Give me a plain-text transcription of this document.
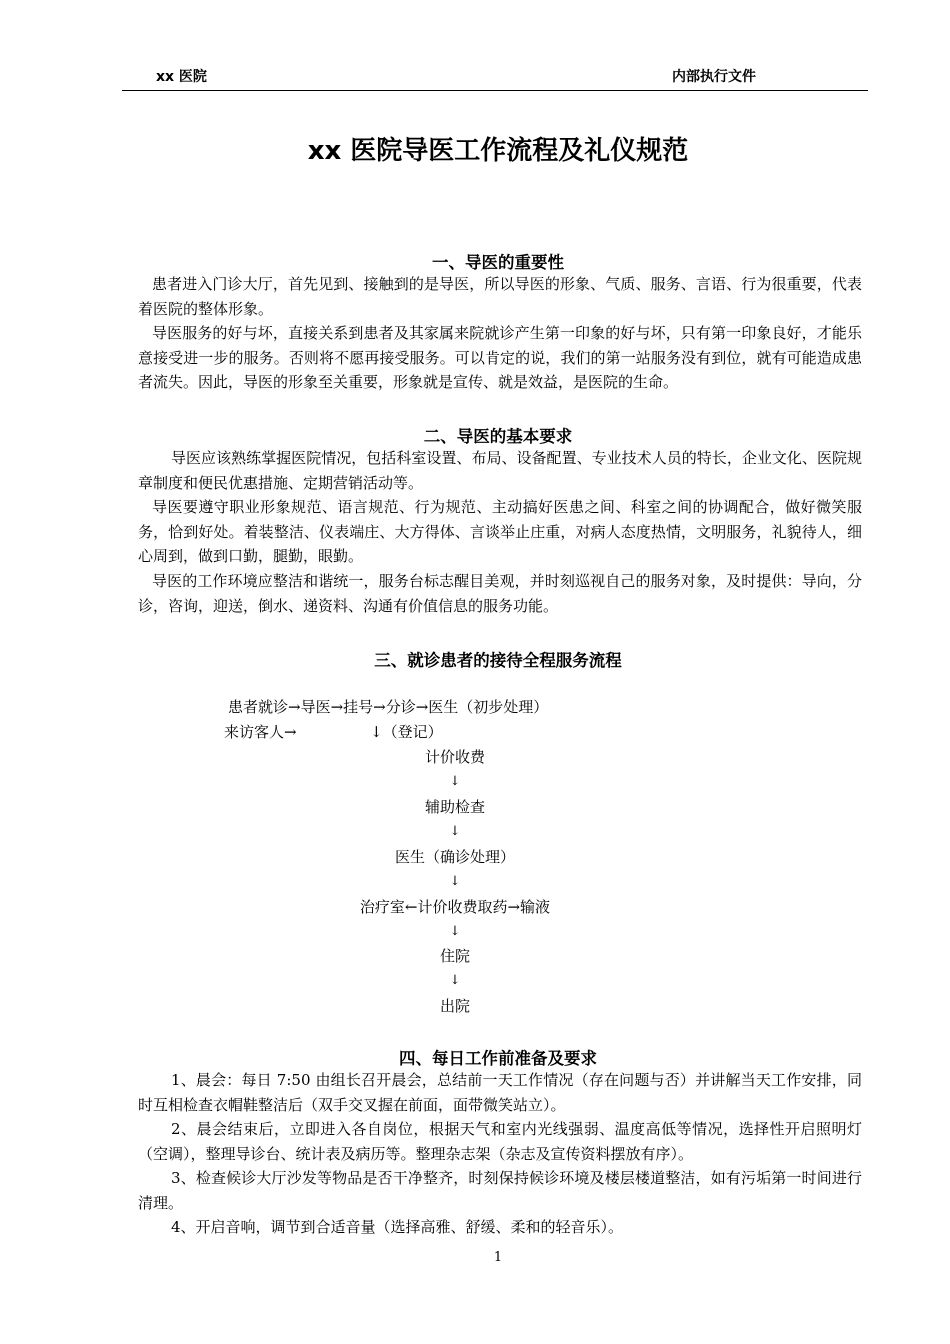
xx 医院	内部执行文件
xx 医院导医工作流程及礼仪规范
一、导医的重要性
患者进入门诊大厅，首先见到、接触到的是导医，所以导医的形象、气质、服务、言语、行为很重要，代表着医院的整体形象。
导医服务的好与坏，直接关系到患者及其家属来院就诊产生第一印象的好与坏，只有第一印象良好，才能乐意接受进一步的服务。否则将不愿再接受服务。可以肯定的说，我们的第一站服务没有到位，就有可能造成患者流失。因此，导医的形象至关重要，形象就是宣传、就是效益，是医院的生命。
二、导医的基本要求
导医应该熟练掌握医院情况，包括科室设置、布局、设备配置、专业技术人员的特长，企业文化、医院规章制度和便民优惠措施、定期营销活动等。
导医要遵守职业形象规范、语言规范、行为规范、主动搞好医患之间、科室之间的协调配合，做好微笑服务，恰到好处。着装整洁、仪表端庄、大方得体、言谈举止庄重，对病人态度热情，文明服务，礼貌待人，细心周到，做到口勤，腿勤，眼勤。
导医的工作环境应整洁和谐统一，服务台标志醒目美观，并时刻巡视自己的服务对象，及时提供：导向，分诊，咨询，迎送，倒水、递资料、沟通有价值信息的服务功能。
三、就诊患者的接待全程服务流程
患者就诊→导医→挂号→分诊→医生（初步处理）
来访客人→	↓（登记）
计价收费
↓
辅助检查
↓
医生（确诊处理）
↓
治疗室←计价收费取药→输液
↓
住院
↓
出院
四、每日工作前准备及要求
1、晨会：每日 7:50 由组长召开晨会，总结前一天工作情况（存在问题与否）并讲解当天工作安排，同时互相检查衣帽鞋整洁后（双手交叉握在前面，面带微笑站立）。
2、晨会结束后，立即进入各自岗位，根据天气和室内光线强弱、温度高低等情况，选择性开启照明灯（空调），整理导诊台、统计表及病历等。整理杂志架（杂志及宣传资料摆放有序）。
3、检查候诊大厅沙发等物品是否干净整齐，时刻保持候诊环境及楼层楼道整洁，如有污垢第一时间进行清理。
4、开启音响，调节到合适音量（选择高雅、舒缓、柔和的轻音乐）。
1
